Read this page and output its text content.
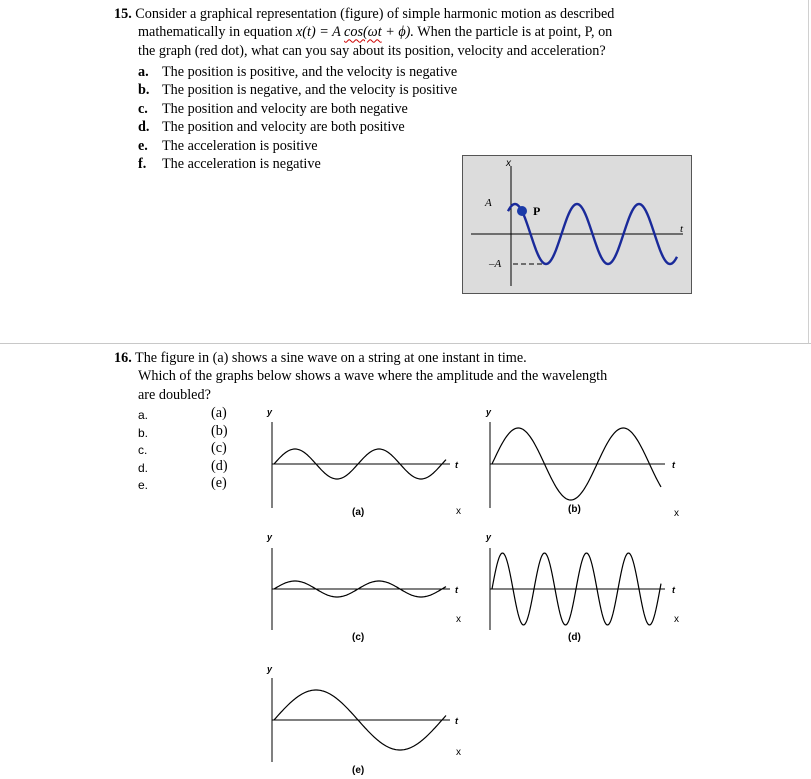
15. Consider a graphical representation (figure) of simple harmonic motion as described
mathematically in equation x(t) = A cos(ωt + ϕ). When the particle is at point, P, on
the graph (red dot), what can you say about its position, velocity and acceleration?
a. The position is positive, and the velocity is negative
b. The position is negative, and the velocity is positive
c. The position and velocity are both negative
d. The position and velocity are both positive
e. The acceleration is positive
f. The acceleration is negative	x
t
A
–A
P
16. The figure in (a) shows a sine wave on a string at one instant in time.
Which of the graphs below shows a wave where the amplitude and the wavelength
are doubled?
a.
b.
c.
d.
e.
(a)
(b)
(c)
(d)
(e)
y
t
x
(a)
y
t
x
(b)
y
t
x
(c)
y
t
x
(d)
y
t
x
(e)
